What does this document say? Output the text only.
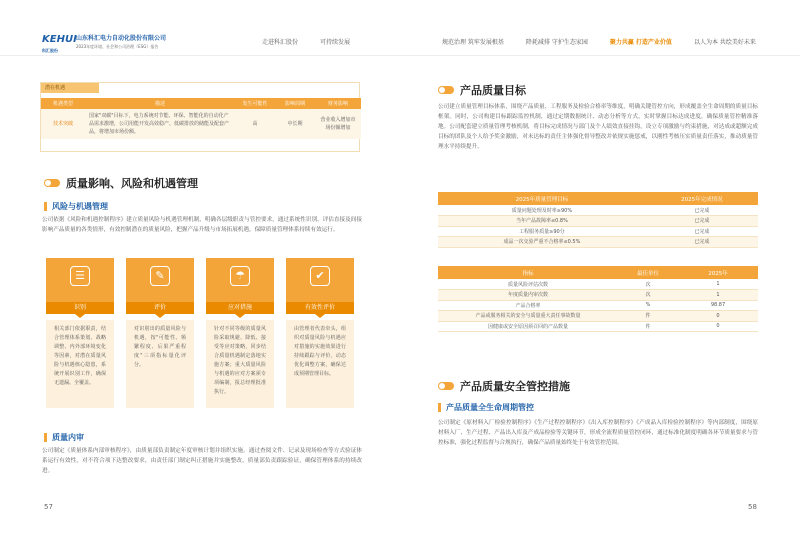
KEHUI
科汇股份
山东科汇电力自动化股份有限公司
2023年度环境、社会和公司治理（ESG）报告
走进科汇股份	可持续发展	规范治理 筑牢发展根基	降耗减排 守护生态家园	聚力共赢 打造产业价值	以人为本 共绘美好未来
潜在机遇
机遇类型	描述	发生可能性	影响周期	财务影响
技术突破	国家"双碳"目标下，电力系统对节能、环保、智能化的自动化产品需求激增，公司用能开发高效稳产、低碳排放的储能及配套产品，将增加市场份额。	高	中长期	营业收入增加市场份额增加
质量影响、风险和机遇管理
风险与机遇管理
公司依据《风险和机遇控制程序》建立质量风险与机遇管理机制，明确各层级职责与管控要求，通过系统性识别、评估直接及间接影响产品质量的各类情形，有效控制潜在的质量风险，把握产品升级与市场拓展机遇，保障质量管理体系持续有效运行。
☰
识别
相关部门依据职责，结合管理体系策划、战略调整、内外部环境变化等因素，对潜在质量风险与机遇核心隐患，系统开展识别工作，确保无遗漏、全覆盖。
✎
评价
对识别出的质量风险与机遇，按"可能性、频繁程度、后果严重程度"三项指标量化评分。
☂
应对措施
针对不同等级的质量风险采取规避、降低、接受等应对策略，同步结合质量机遇制定落地实施方案；重大质量风险与机遇的应对方案须专项编制，报总经理批准执行。
✔
有效性评价
由管理者代表牵头，组织对质量风险与机遇应对措施的实施效果进行持续跟踪与评价，动态优化调整方案，确保达成预期管理目标。
质量内审
公司制定《质量体系内部审核程序》，由质量部负责制定年度审核计划并组织实施。通过查阅文件、记录及现场检查等方式验证体系运行有效性，对不符合项下达整改要求，由责任部门制定纠正措施并实施整改，质量部负责跟踪验证，确保管理体系的持续改进。
57
产品质量目标
公司建立质量管理目标体系，围绕产品质量、工程服务及检验合格率等维度，明确关键管控方向，形成覆盖全生命周期的质量目标框架。同时，公司构建目标跟踪监控机制，通过定期数据统计、动态分析等方式，实时掌握目标达成进度，确保质量管控精准落地。公司配套建立质量管理考核机制，将目标完成情况与部门及个人绩效直接挂钩，设立专项激励与约束措施，对达成或超额完成目标的团队及个人给予奖金激励，对未达标的责任主体强化督导整改并依规实施惩戒，以刚性考核压实质量责任落实，推动质量管理水平持续提升。
2025年质量管理目标	2025年完成情况
质量问题处理及时率≥90%	已完成
当年产品故障率≤0.8%	已完成
工程服务质量≥90分	已完成
成品一次交验严重不合格率≤0.5%	已完成
指标	最佳单位	2025年
质量风险评估次数	次	1
年度质量内审次数	次	1
产品合格率	%	98.87
产品或服务相关的安全与质量重大责任事故数量	件	0
因健康或安全原因须召回的产品数量	件	0
产品质量安全管控措施
产品质量全生命周期管控
公司制定《原材料入厂检验控制程序》《生产过程控制程序》《出入库控制程序》《产成品入库检验控制程序》等内部制度，围绕原材料入厂、生产过程、产品出入库及产成品检验等关键环节，形成全流程质量管控闭环，通过标准化制度明确各环节质量要求与管控标准，强化过程监督与合规执行，确保产品质量始终处于有效管控范围。
58
